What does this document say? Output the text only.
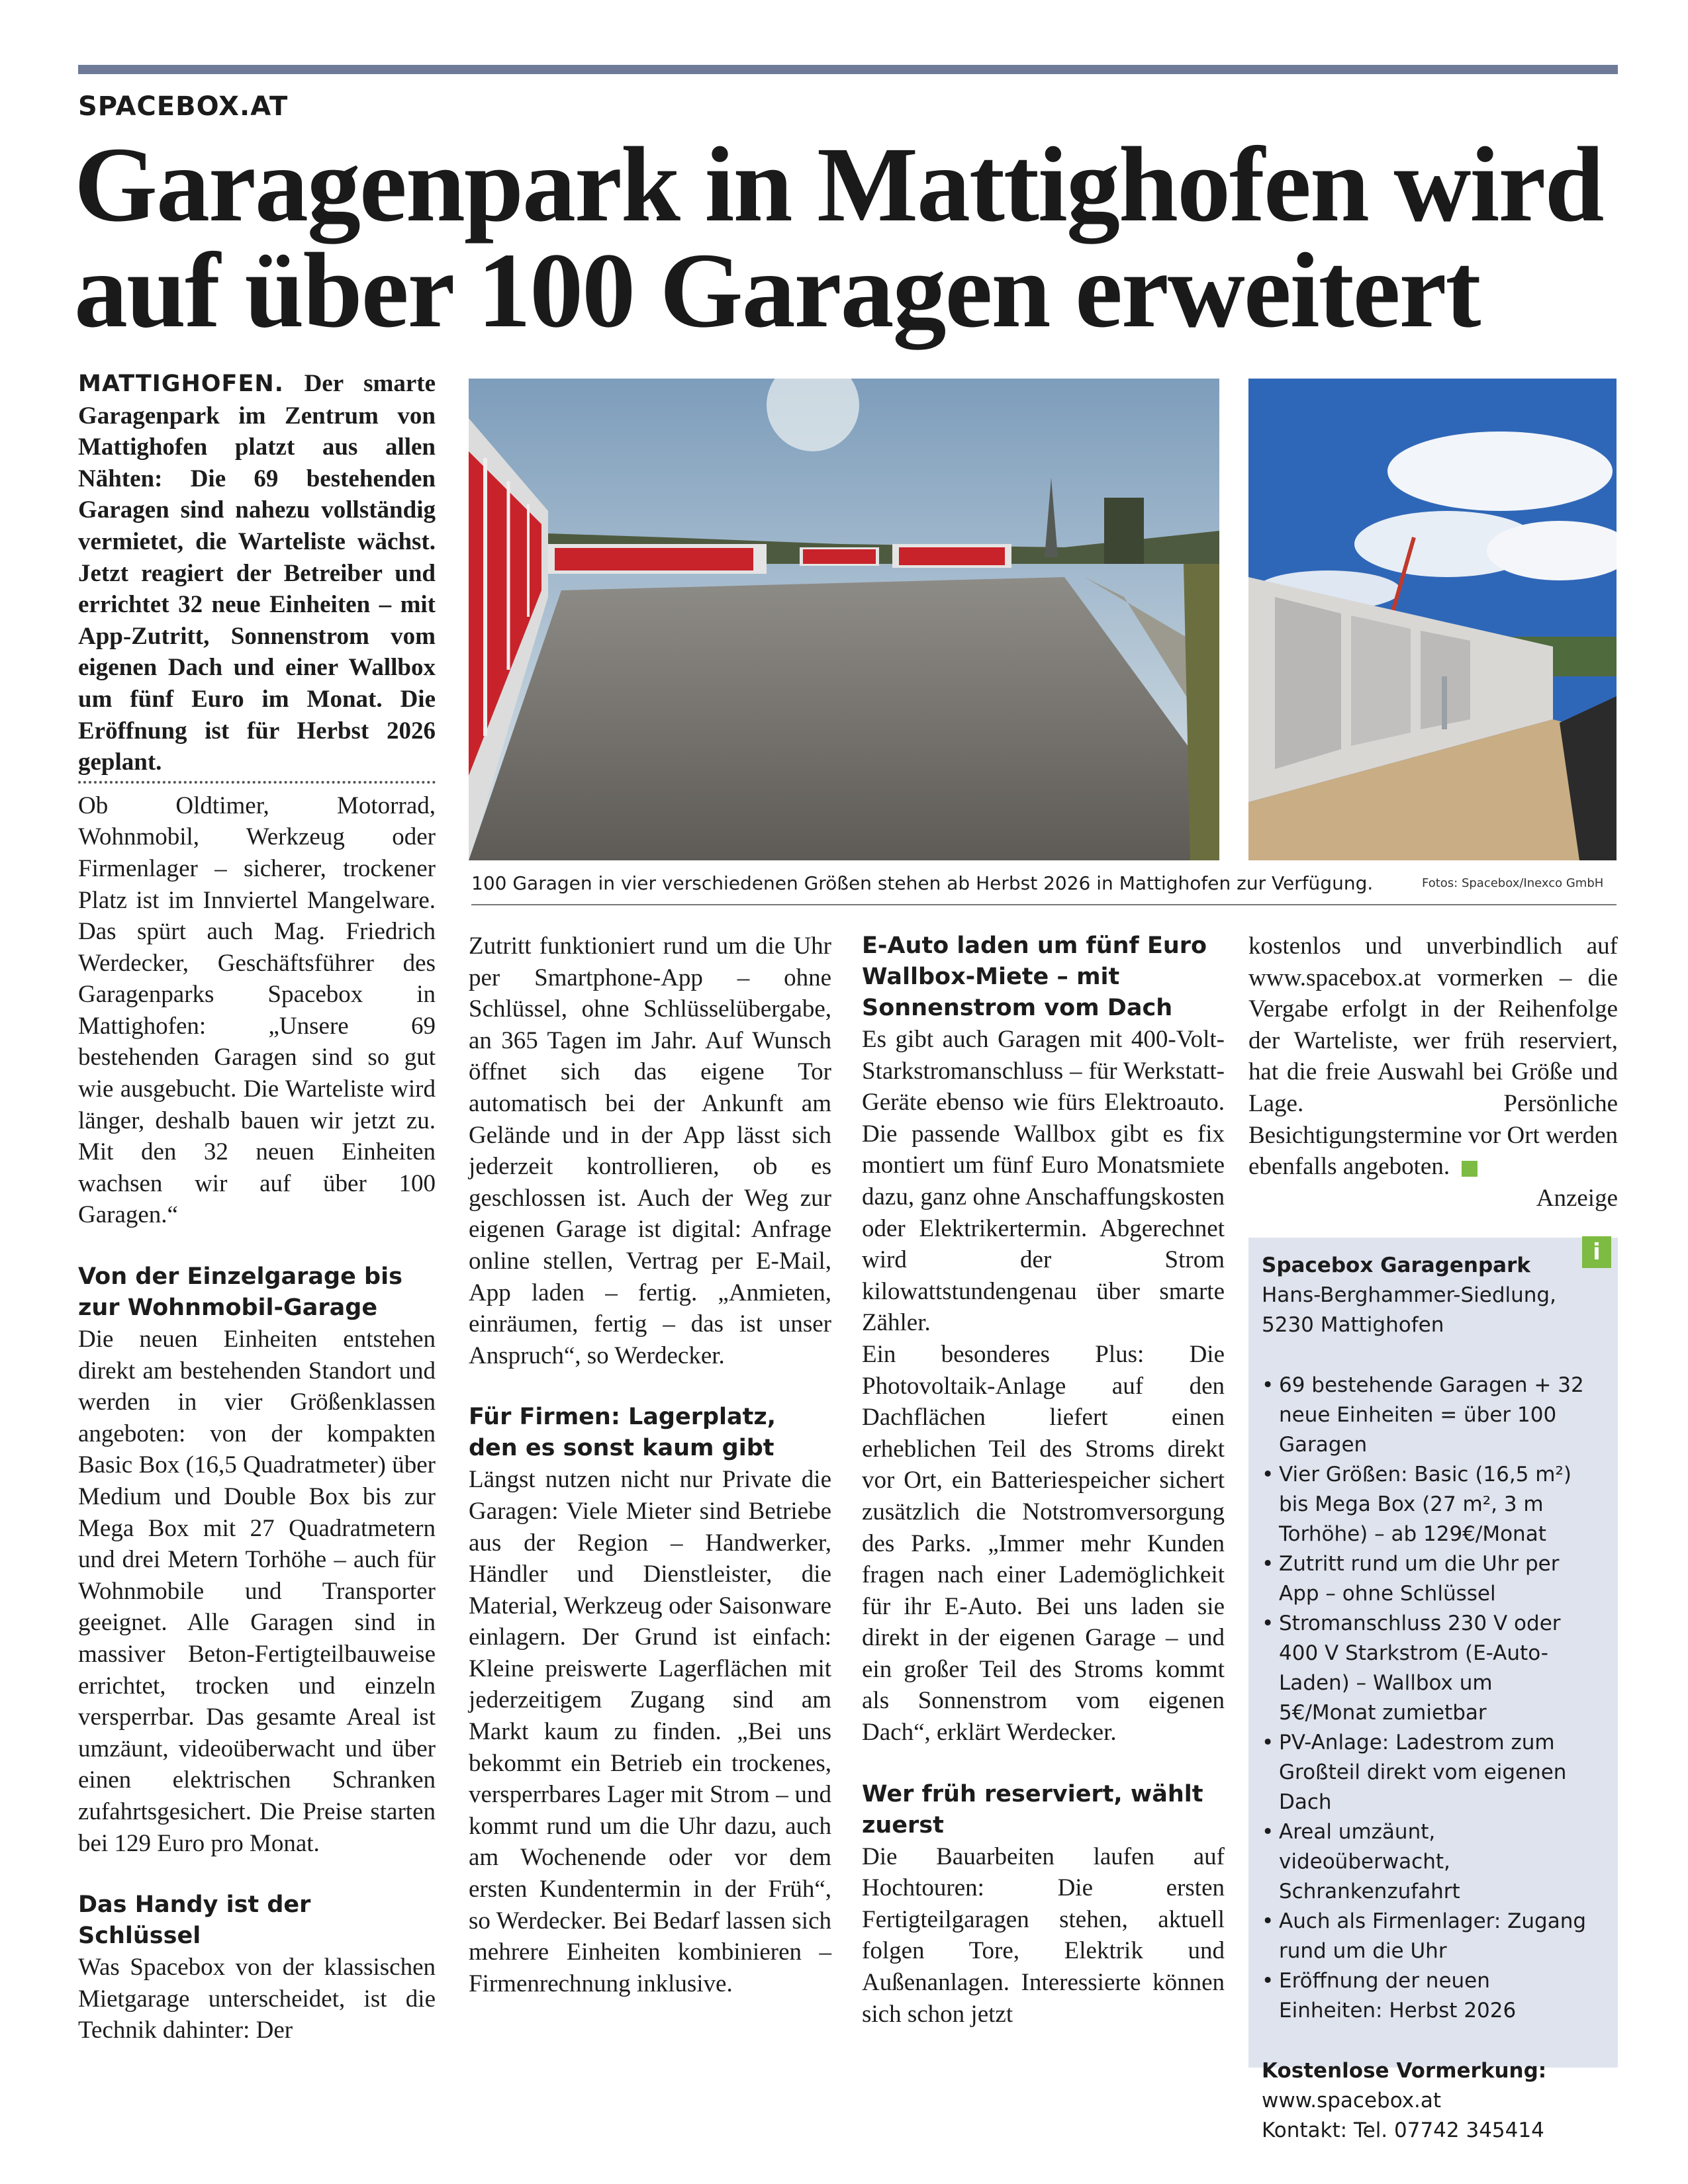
SPACEBOX.AT
Garagenpark in Mattighofen wird
auf über 100 Garagen erweitert

MATTIGHOFEN. Der smarte Garagenpark im Zentrum von Mattighofen platzt aus allen Nähten: Die 69 bestehenden Garagen sind nahezu vollständig vermietet, die Warteliste wächst. Jetzt reagiert der Betreiber und errichtet 32 neue Einheiten – mit App-Zutritt, Sonnenstrom vom eigenen Dach und einer Wallbox um fünf Euro im Monat. Die Eröffnung ist für Herbst 2026 geplant.

Ob Oldtimer, Motorrad, Wohnmobil, Werkzeug oder Firmenlager – sicherer, trockener Platz ist im Innviertel Mangelware. Das spürt auch Mag. Friedrich Werdecker, Geschäftsführer des Garagenparks Spacebox in Mattighofen: „Unsere 69 bestehenden Garagen sind so gut wie ausgebucht. Die Warteliste wird länger, deshalb bauen wir jetzt zu. Mit den 32 neuen Einheiten wachsen wir auf über 100 Garagen.“

Von der Einzelgarage bis zur Wohnmobil-Garage

Die neuen Einheiten entstehen direkt am bestehenden Standort und werden in vier Größenklassen angeboten: von der kompakten Basic Box (16,5 Quadratmeter) über Medium und Double Box bis zur Mega Box mit 27 Quadratmetern und drei Metern Torhöhe – auch für Wohnmobile und Transporter geeignet. Alle Garagen sind in massiver Beton-Fertigteilbauweise errichtet, trocken und einzeln versperrbar. Das gesamte Areal ist umzäunt, videoüberwacht und über einen elektrischen Schranken zufahrtsgesichert. Die Preise starten bei 129 Euro pro Monat.

Das Handy ist der Schlüssel

Was Spacebox von der klassischen Mietgarage unterscheidet, ist die Technik dahinter: Der

100 Garagen in vier verschiedenen Größen stehen ab Herbst 2026 in Mattighofen zur Verfügung.	Fotos: Spacebox/Inexco GmbH

Zutritt funktioniert rund um die Uhr per Smartphone-App – ohne Schlüssel, ohne Schlüsselübergabe, an 365 Tagen im Jahr. Auf Wunsch öffnet sich das eigene Tor automatisch bei der Ankunft am Gelände und in der App lässt sich jederzeit kontrollieren, ob es geschlossen ist. Auch der Weg zur eigenen Garage ist digital: Anfrage online stellen, Vertrag per E-Mail, App laden – fertig. „Anmieten, einräumen, fertig – das ist unser Anspruch“, so Werdecker.

Für Firmen: Lagerplatz, den es sonst kaum gibt

Längst nutzen nicht nur Private die Garagen: Viele Mieter sind Betriebe aus der Region – Handwerker, Händler und Dienstleister, die Material, Werkzeug oder Saisonware einlagern. Der Grund ist einfach: Kleine preiswerte Lagerflächen mit jederzeitigem Zugang sind am Markt kaum zu finden. „Bei uns bekommt ein Betrieb ein trockenes, versperrbares Lager mit Strom – und kommt rund um die Uhr dazu, auch am Wochenende oder vor dem ersten Kundentermin in der Früh“, so Werdecker. Bei Bedarf lassen sich mehrere Einheiten kombinieren – Firmenrechnung inklusive.

E-Auto laden um fünf Euro Wallbox-Miete – mit Sonnenstrom vom Dach

Es gibt auch Garagen mit 400-Volt-Starkstromanschluss – für Werkstatt-Geräte ebenso wie fürs Elektroauto. Die passende Wallbox gibt es fix montiert um fünf Euro Monatsmiete dazu, ganz ohne Anschaffungskosten oder Elektrikertermin. Abgerechnet wird der Strom kilowattstundengenau über smarte Zähler.

Ein besonderes Plus: Die Photovoltaik-Anlage auf den Dachflächen liefert einen erheblichen Teil des Stroms direkt vor Ort, ein Batteriespeicher sichert zusätzlich die Notstromversorgung des Parks. „Immer mehr Kunden fragen nach einer Lademöglichkeit für ihr E-Auto. Bei uns laden sie direkt in der eigenen Garage – und ein großer Teil des Stroms kommt als Sonnenstrom vom eigenen Dach“, erklärt Werdecker.

Wer früh reserviert, wählt zuerst

Die Bauarbeiten laufen auf Hochtouren: Die ersten Fertigteilgaragen stehen, aktuell folgen Tore, Elektrik und Außenanlagen. Interessierte können sich schon jetzt

kostenlos und unverbindlich auf www.spacebox.at vormerken – die Vergabe erfolgt in der Reihenfolge der Warteliste, wer früh reserviert, hat die freie Auswahl bei Größe und Lage. Persönliche Besichtigungstermine vor Ort werden ebenfalls angeboten.

Anzeige

i

Spacebox Garagenpark

Hans-Berghammer-Siedlung,

5230 Mattighofen

• 69 bestehende Garagen + 32 neue Einheiten = über 100 Garagen
• Vier Größen: Basic (16,5 m²) bis Mega Box (27 m², 3 m Torhöhe) – ab 129€/Monat
• Zutritt rund um die Uhr per App – ohne Schlüssel
• Stromanschluss 230 V oder 400 V Starkstrom (E-Auto-Laden) – Wallbox um 5€/Monat zumietbar
• PV-Anlage: Ladestrom zum Großteil direkt vom eigenen Dach
• Areal umzäunt, videoüberwacht, Schrankenzufahrt
• Auch als Firmenlager: Zugang rund um die Uhr
• Eröffnung der neuen Einheiten: Herbst 2026

Kostenlose Vormerkung:

www.spacebox.at

Kontakt: Tel. 07742 345414
